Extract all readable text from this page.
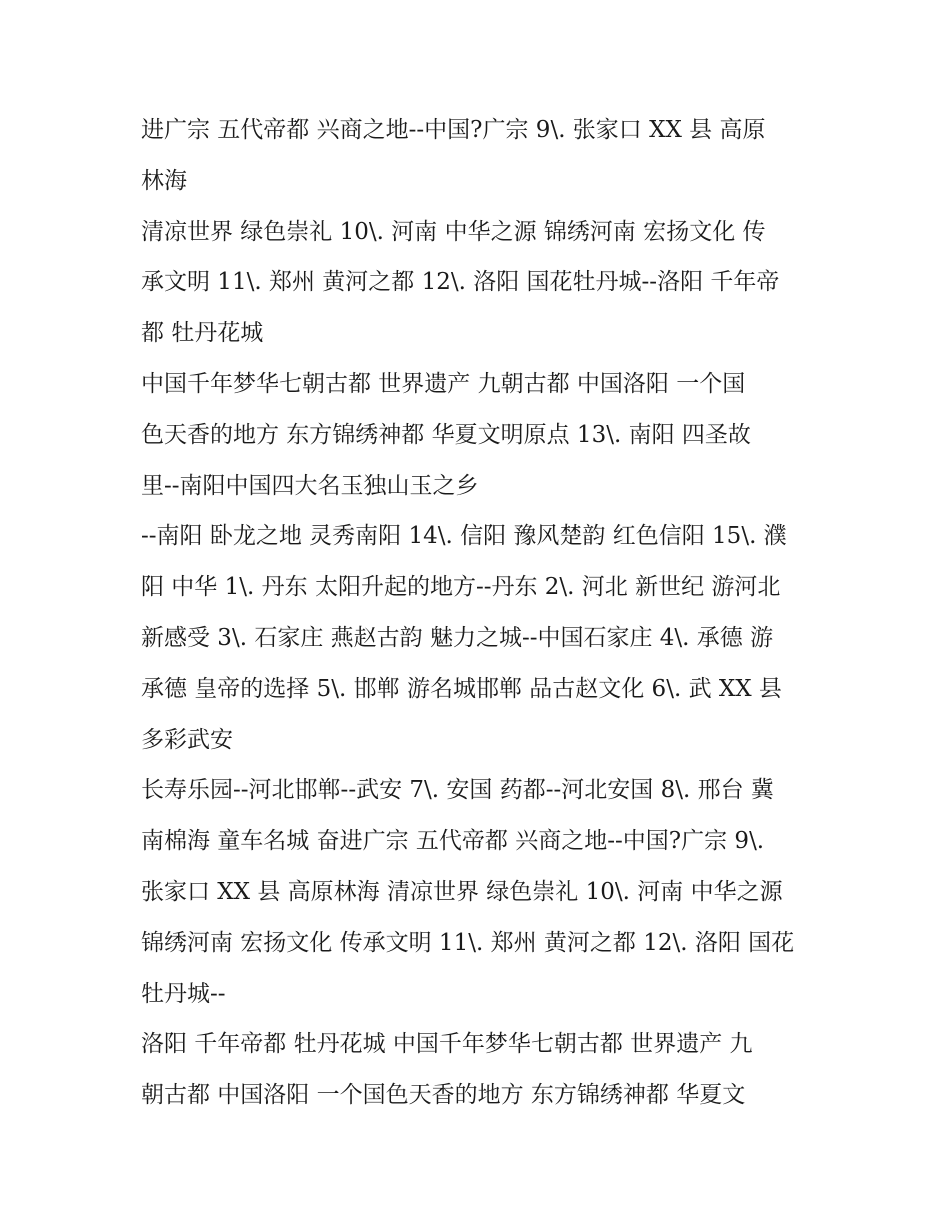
进广宗 五代帝都 兴商之地--中国?广宗 9\. 张家口 XX 县 高原
林海
清凉世界 绿色崇礼 10\. 河南 中华之源 锦绣河南 宏扬文化 传
承文明 11\. 郑州 黄河之都 12\. 洛阳 国花牡丹城--洛阳 千年帝
都 牡丹花城
中国千年梦华七朝古都 世界遗产 九朝古都 中国洛阳 一个国
色天香的地方 东方锦绣神都 华夏文明原点 13\. 南阳 四圣故
里--南阳中国四大名玉独山玉之乡
--南阳 卧龙之地 灵秀南阳 14\. 信阳 豫风楚韵 红色信阳 15\. 濮
阳 中华 1\. 丹东 太阳升起的地方--丹东 2\. 河北 新世纪 游河北
新感受 3\. 石家庄 燕赵古韵 魅力之城--中国石家庄 4\. 承德 游
承德 皇帝的选择 5\. 邯郸 游名城邯郸 品古赵文化 6\. 武 XX 县
多彩武安
长寿乐园--河北邯郸--武安 7\. 安国 药都--河北安国 8\. 邢台 冀
南棉海 童车名城 奋进广宗 五代帝都 兴商之地--中国?广宗 9\.
张家口 XX 县 高原林海 清凉世界 绿色崇礼 10\. 河南 中华之源
锦绣河南 宏扬文化 传承文明 11\. 郑州 黄河之都 12\. 洛阳 国花
牡丹城--
洛阳 千年帝都 牡丹花城 中国千年梦华七朝古都 世界遗产 九
朝古都 中国洛阳 一个国色天香的地方 东方锦绣神都 华夏文
